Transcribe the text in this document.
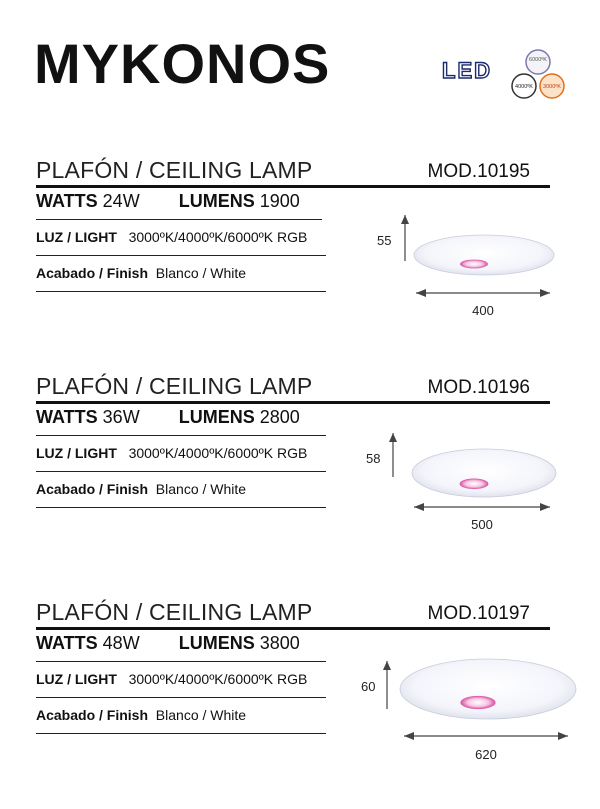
MYKONOS	LED	6000ºK
4000ºK 3000ºK
PLAFÓN / CEILING LAMP	MOD.10195
WATTS 24W LUMENS 1900
LUZ / LIGHT 3000ºK/4000ºK/6000ºK RGB
Acabado / Finish Blanco / White
55
400
PLAFÓN / CEILING LAMP	MOD.10196
WATTS 36W LUMENS 2800
LUZ / LIGHT 3000ºK/4000ºK/6000ºK RGB
Acabado / Finish Blanco / White
58
500
PLAFÓN / CEILING LAMP	MOD.10197
WATTS 48W LUMENS 3800
LUZ / LIGHT 3000ºK/4000ºK/6000ºK RGB
Acabado / Finish Blanco / White
60
620
